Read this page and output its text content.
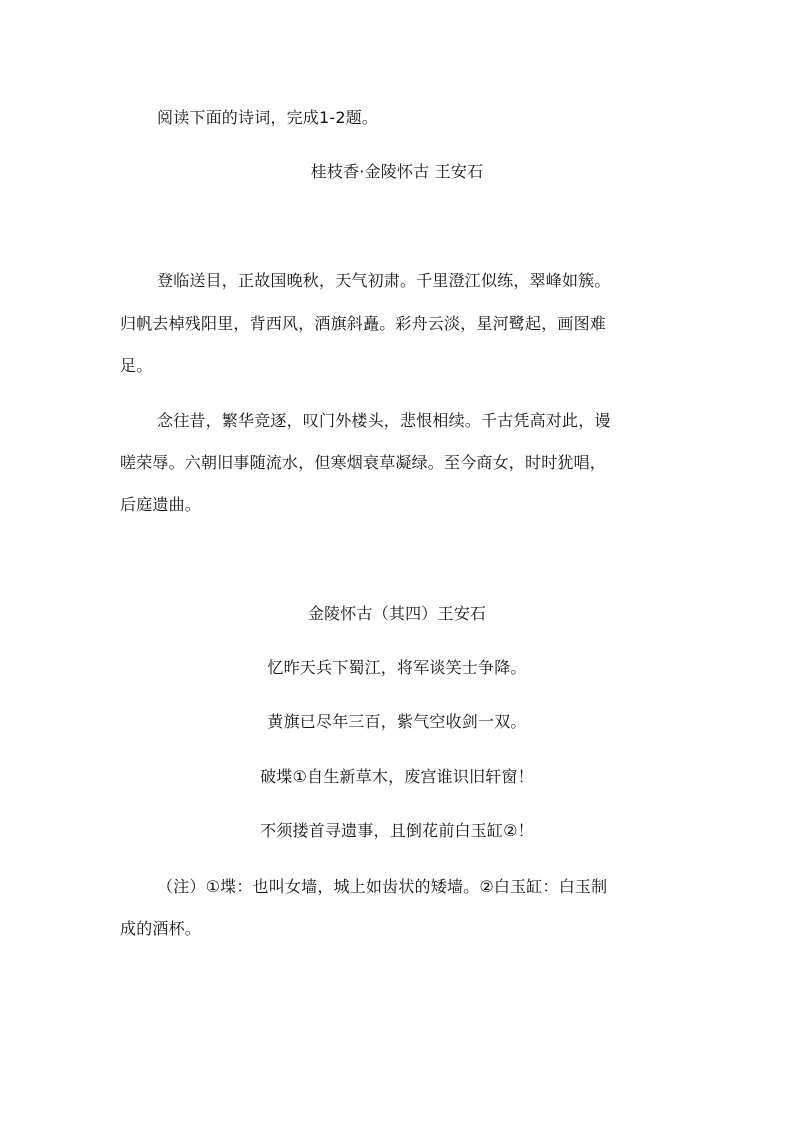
阅读下面的诗词，完成1-2题。
桂枝香·金陵怀古 王安石
登临送目，正故国晚秋，天气初肃。千里澄江似练，翠峰如簇。
归帆去棹残阳里，背西风，酒旗斜矗。彩舟云淡，星河鹭起，画图难
足。
念往昔，繁华竞逐，叹门外楼头，悲恨相续。千古凭高对此，谩
嗟荣辱。六朝旧事随流水，但寒烟衰草凝绿。至今商女，时时犹唱，
后庭遗曲。
金陵怀古（其四）王安石
忆昨天兵下蜀江，将军谈笑士争降。
黄旗已尽年三百，紫气空收剑一双。
破堞①自生新草木，废宫谁识旧轩窗！
不须搂首寻遗事，且倒花前白玉缸②！
（注）①堞：也叫女墙，城上如齿状的矮墙。②白玉缸：白玉制
成的酒杯。
